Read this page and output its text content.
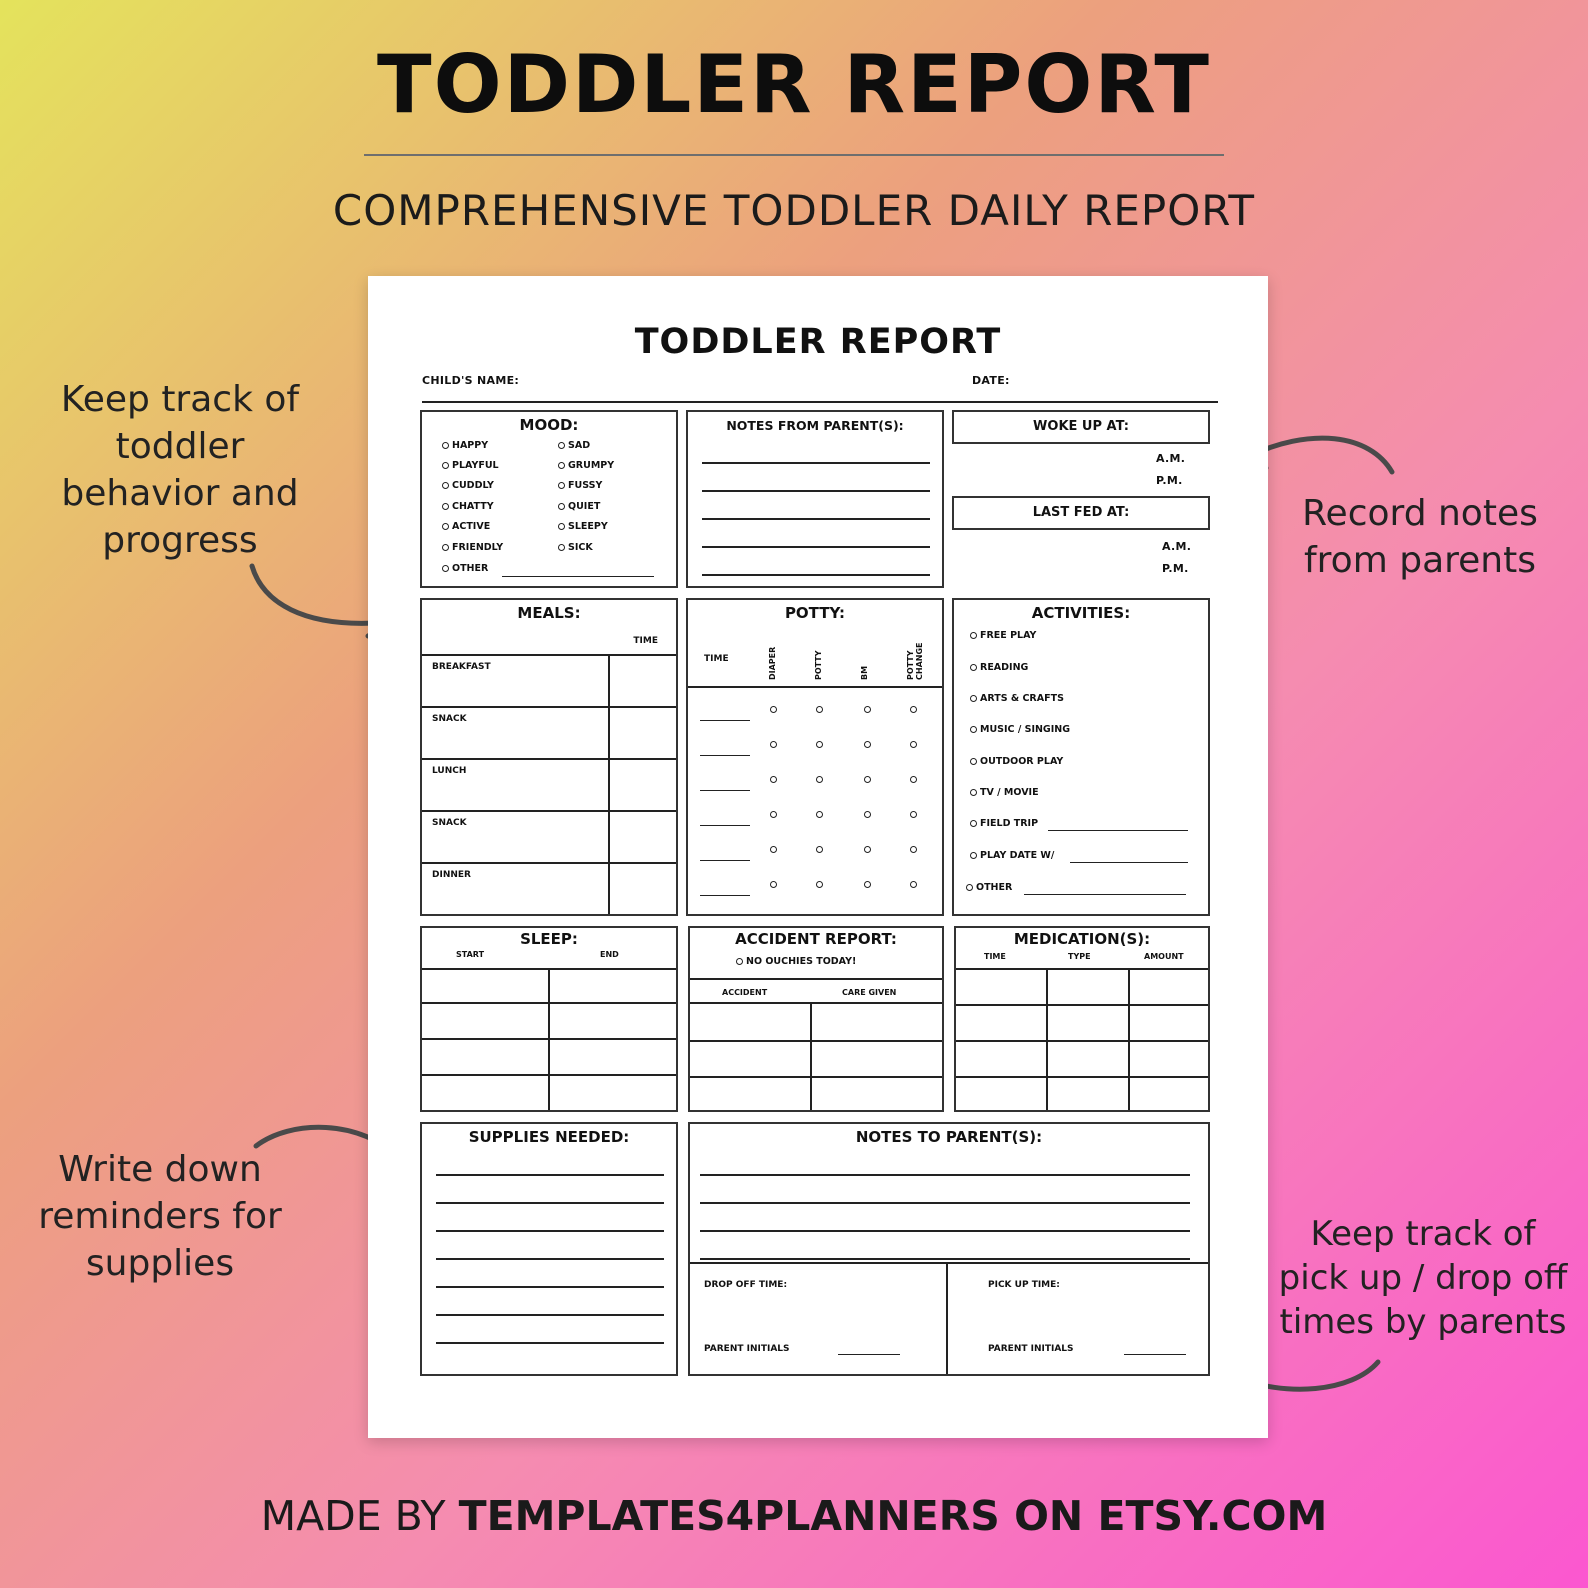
TODDLER REPORT
COMPREHENSIVE TODDLER DAILY REPORT
Keep track of
toddler
behavior and
progress
Record notes
from parents
Write down
reminders for
supplies
Keep track of
pick up / drop off
times by parents
TODDLER REPORT
CHILD'S NAME:	DATE:
MOOD:
HAPPY
PLAYFUL
CUDDLY
CHATTY
ACTIVE
FRIENDLY
OTHER
SAD
GRUMPY
FUSSY
QUIET
SLEEPY
SICK
NOTES FROM PARENT(S):	WOKE UP AT:
A.M.
P.M.
LAST FED AT:
A.M.
P.M.
MEALS:
TIME
BREAKFAST
SNACK
LUNCH
SNACK
DINNER
POTTY:
TIME	DIAPER	POTTY	BM	POTTY CHANGE
ACTIVITIES:
FREE PLAY
READING
ARTS & CRAFTS
MUSIC / SINGING
OUTDOOR PLAY
TV / MOVIE
FIELD TRIP
PLAY DATE W/
OTHER
SLEEP:
START	END
ACCIDENT REPORT:
NO OUCHIES TODAY!
ACCIDENT	CARE GIVEN
MEDICATION(S):
TIME	TYPE	AMOUNT
SUPPLIES NEEDED:	NOTES TO PARENT(S):
DROP OFF TIME:	PICK UP TIME:
PARENT INITIALS	PARENT INITIALS
MADE BY TEMPLATES4PLANNERS ON ETSY.COM
